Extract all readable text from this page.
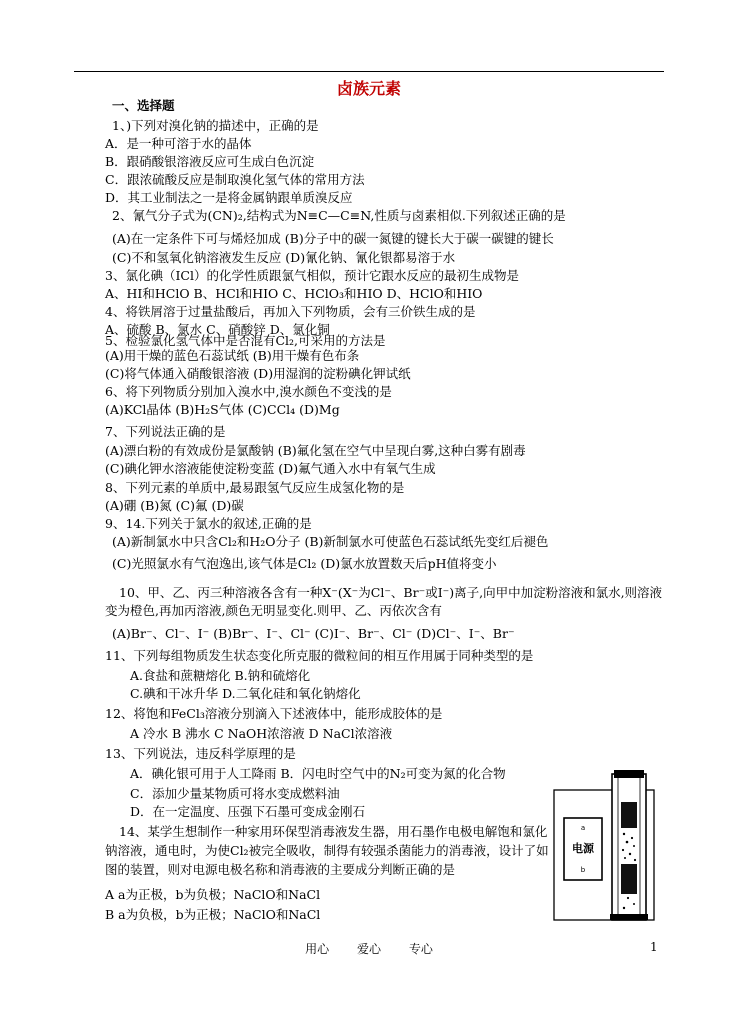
卤族元素
一、选择题
1、)下列对溴化钠的描述中，正确的是
A．是一种可溶于水的晶体
B．跟硝酸银溶液反应可生成白色沉淀
C．跟浓硫酸反应是制取溴化氢气体的常用方法
D．其工业制法之一是将金属钠跟单质溴反应
2、氰气分子式为(CN)₂,结构式为N≡C—C≡N,性质与卤素相似.下列叙述正确的是
(A)在一定条件下可与烯烃加成 (B)分子中的碳一氮键的键长大于碳一碳键的键长
(C)不和氢氧化钠溶液发生反应 (D)氰化钠、氰化银都易溶于水
3、氯化碘（ICl）的化学性质跟氯气相似，预计它跟水反应的最初生成物是
A、HI和HClO B、HCl和HIO C、HClO₃和HIO D、HClO和HIO
4、将铁屑溶于过量盐酸后，再加入下列物质，会有三价铁生成的是
A、硫酸 B、氯水 C、硝酸锌 D、氯化铜
5、检验氯化氢气体中是否混有Cl₂,可采用的方法是
(A)用干燥的蓝色石蕊试纸 (B)用干燥有色布条
(C)将气体通入硝酸银溶液 (D)用湿润的淀粉碘化钾试纸
6、将下列物质分别加入溴水中,溴水颜色不变浅的是
(A)KCl晶体 (B)H₂S气体 (C)CCl₄ (D)Mg
7、下列说法正确的是
(A)漂白粉的有效成份是氯酸钠 (B)氟化氢在空气中呈现白雾,这种白雾有剧毒
(C)碘化钾水溶液能使淀粉变蓝 (D)氟气通入水中有氧气生成
8、下列元素的单质中,最易跟氢气反应生成氢化物的是
(A)硼 (B)氮 (C)氟 (D)碳
9、14.下列关于氯水的叙述,正确的是
(A)新制氯水中只含Cl₂和H₂O分子 (B)新制氯水可使蓝色石蕊试纸先变红后褪色
(C)光照氯水有气泡逸出,该气体是Cl₂ (D)氯水放置数天后pH值将变小
10、甲、乙、丙三种溶液各含有一种X⁻(X⁻为Cl⁻、Br⁻或I⁻)离子,向甲中加淀粉溶液和氯水,则溶液变为橙色,再加丙溶液,颜色无明显变化.则甲、乙、丙依次含有
(A)Br⁻、Cl⁻、I⁻ (B)Br⁻、I⁻、Cl⁻ (C)I⁻、Br⁻、Cl⁻ (D)Cl⁻、I⁻、Br⁻
11、下列每组物质发生状态变化所克服的微粒间的相互作用属于同种类型的是
A.食盐和蔗糖熔化 B.钠和硫熔化
C.碘和干冰升华 D.二氧化硅和氧化钠熔化
12、将饱和FeCl₃溶液分别滴入下述液体中，能形成胶体的是
A 冷水 B 沸水 C NaOH浓溶液 D NaCl浓溶液
13、下列说法，违反科学原理的是
A．碘化银可用于人工降雨 B．闪电时空气中的N₂可变为氮的化合物
C．添加少量某物质可将水变成燃料油
D．在一定温度、压强下石墨可变成金刚石
14、某学生想制作一种家用环保型消毒液发生器，用石墨作电极电解饱和氯化钠溶液，通电时，为使Cl₂被完全吸收，制得有较强杀菌能力的消毒液，设计了如图的装置，则对电源电极名称和消毒液的主要成分判断正确的是
A a为正极，b为负极；NaClO和NaCl
B a为负极，b为正极；NaClO和NaCl
a
电源
b
用心 爱心 专心	1
